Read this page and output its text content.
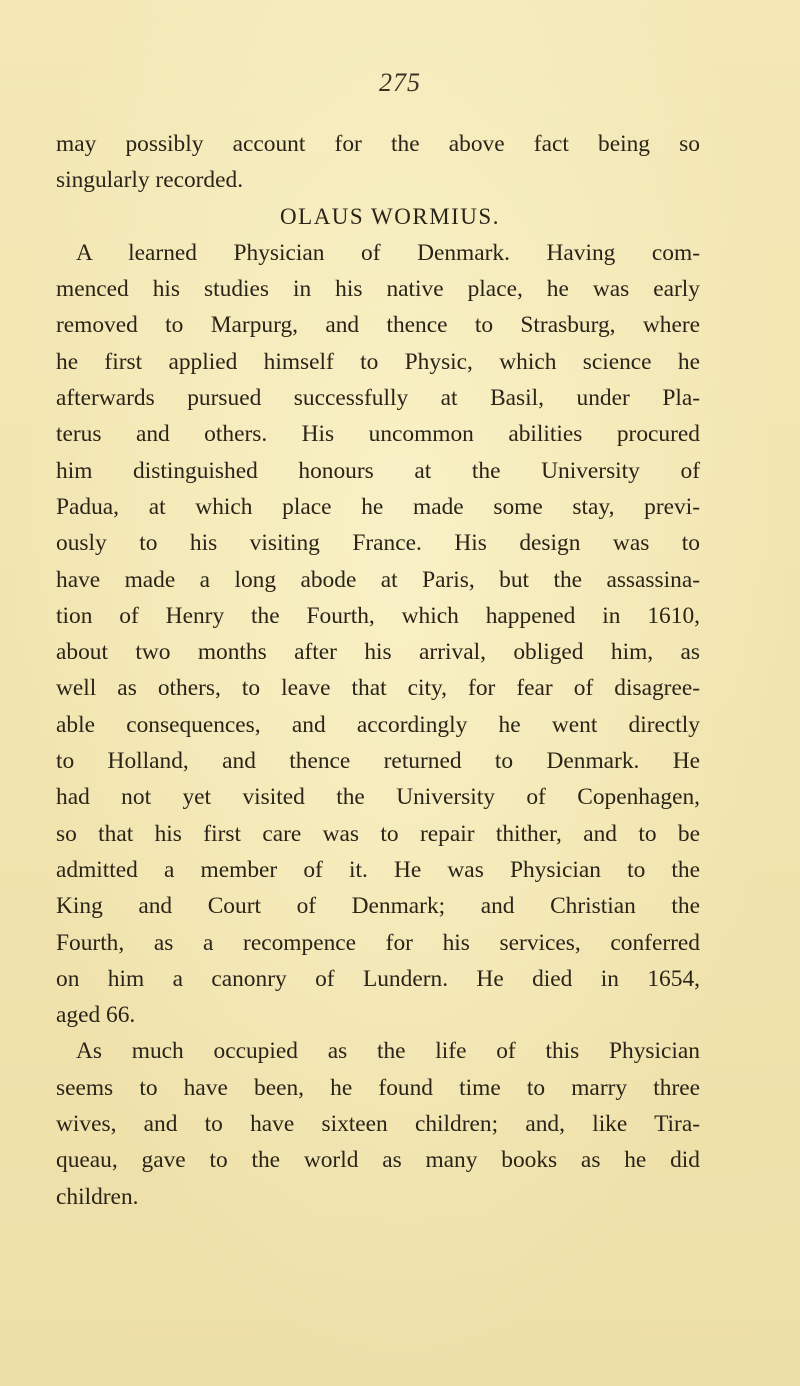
275
may possibly account for the above fact being so
singularly recorded.
OLAUS WORMIUS.
A learned Physician of Denmark. Having com-
menced his studies in his native place, he was early
removed to Marpurg, and thence to Strasburg, where
he first applied himself to Physic, which science he
afterwards pursued successfully at Basil, under Pla-
terus and others. His uncommon abilities procured
him distinguished honours at the University of
Padua, at which place he made some stay, previ-
ously to his visiting France. His design was to
have made a long abode at Paris, but the assassina-
tion of Henry the Fourth, which happened in 1610,
about two months after his arrival, obliged him, as
well as others, to leave that city, for fear of disagree-
able consequences, and accordingly he went directly
to Holland, and thence returned to Denmark. He
had not yet visited the University of Copenhagen,
so that his first care was to repair thither, and to be
admitted a member of it. He was Physician to the
King and Court of Denmark; and Christian the
Fourth, as a recompence for his services, conferred
on him a canonry of Lundern. He died in 1654,
aged 66.
As much occupied as the life of this Physician
seems to have been, he found time to marry three
wives, and to have sixteen children; and, like Tira-
queau, gave to the world as many books as he did
children.
